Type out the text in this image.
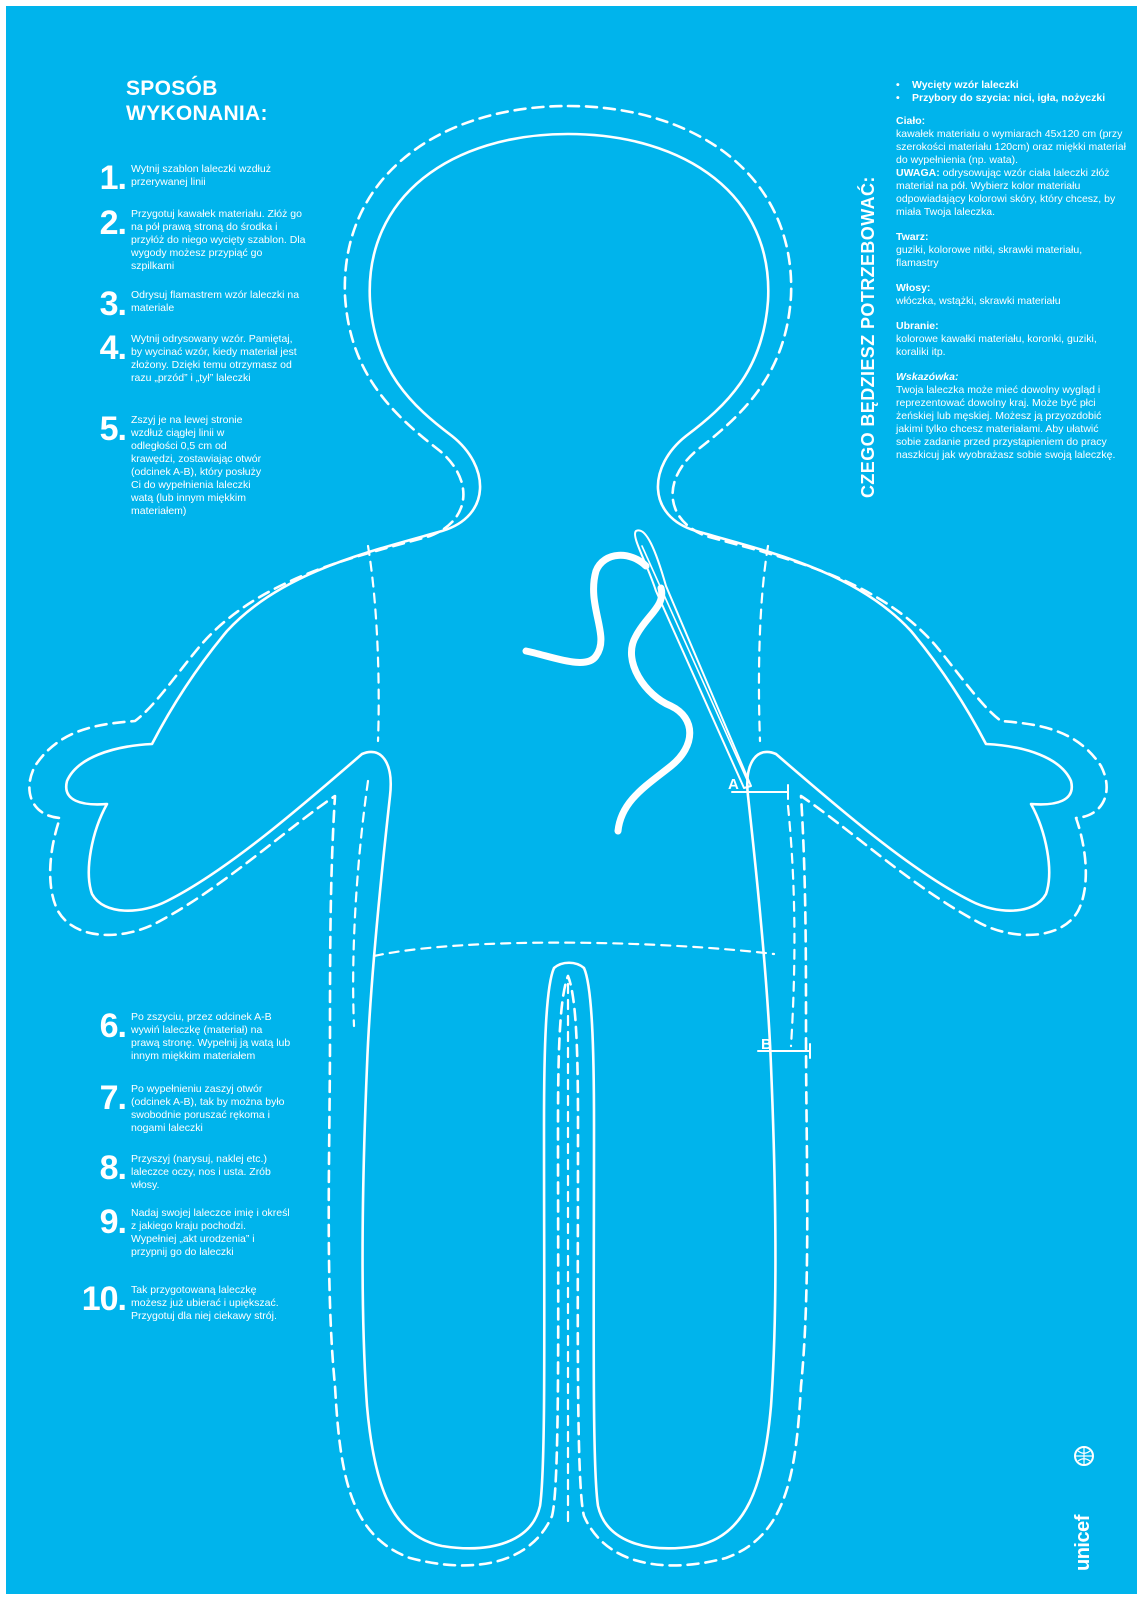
SPOSÓB WYKONANIA:
1. Wytnij szablon laleczki wzdłuż przerywanej linii
2. Przygotuj kawałek materiału. Złóż go na pół prawą stroną do środka i przyłóż do niego wycięty szablon. Dla wygody możesz przypiąć go szpilkami
3. Odrysuj flamastrem wzór laleczki na materiale
4. Wytnij odrysowany wzór. Pamiętaj, by wycinać wzór, kiedy materiał jest złożony. Dzięki temu otrzymasz od razu „przód” i „tył” laleczki
5. Zszyj je na lewej stronie wzdłuż ciągłej linii w odległości 0,5 cm od krawędzi, zostawiając otwór (odcinek A-B), który posłuży Ci do wypełnienia laleczki watą (lub innym miękkim materiałem)
6. Po zszyciu, przez odcinek A-B wywiń laleczkę (materiał) na prawą stronę. Wypełnij ją watą lub innym miękkim materiałem
7. Po wypełnieniu zaszyj otwór (odcinek A-B), tak by można było swobodnie poruszać rękoma i nogami laleczki
8. Przyszyj (narysuj, naklej etc.) laleczce oczy, nos i usta. Zrób włosy.
9. Nadaj swojej laleczce imię i określ z jakiego kraju pochodzi. Wypełniej „akt urodzenia” i przypnij go do laleczki
10. Tak przygotowaną laleczkę możesz już ubierać i upiększać. Przygotuj dla niej ciekawy strój.
CZEGO BĘDZIESZ POTRZEBOWAĆ:
• Wycięty wzór laleczki
• Przybory do szycia: nici, igła, nożyczki
Ciało:
kawałek materiału o wymiarach 45x120 cm (przy szerokości materiału 120cm) oraz miękki materiał do wypełnienia (np. wata).
UWAGA: odrysowując wzór ciała laleczki złóż materiał na pół. Wybierz kolor materiału odpowiadający kolorowi skóry, który chcesz, by miała Twoja laleczka.
Twarz:
guziki, kolorowe nitki, skrawki materiału, flamastry
Włosy:
włóczka, wstążki, skrawki materiału
Ubranie:
kolorowe kawałki materiału, koronki, guziki, koraliki itp.
Wskazówka:
Twoja laleczka może mieć dowolny wygląd i reprezentować dowolny kraj. Może być płci żeńskiej lub męskiej. Możesz ją przyozdobić jakimi tylko chcesz materiałami. Aby ułatwić sobie zadanie przed przystąpieniem do pracy naszkicuj jak wyobrażasz sobie swoją laleczkę.
A
B
unicef
